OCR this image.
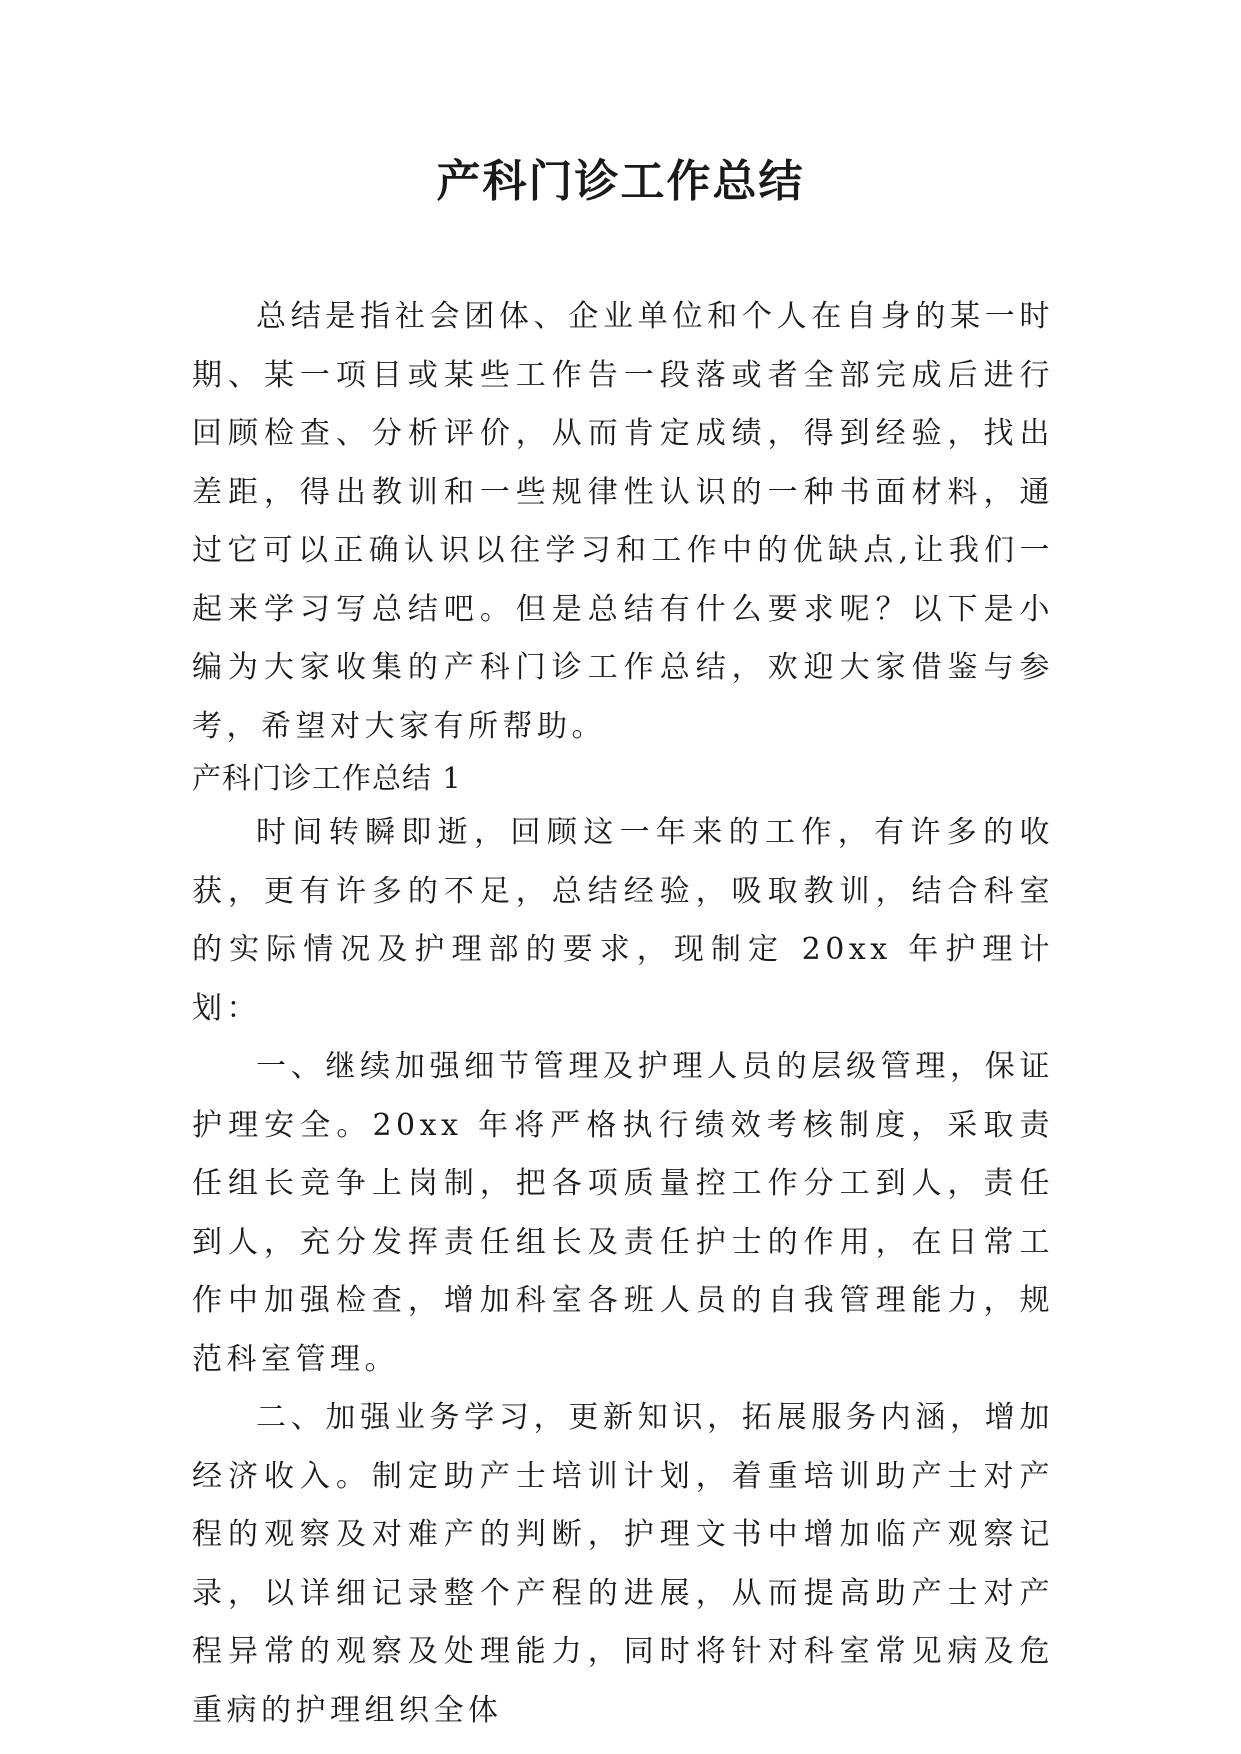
产科门诊工作总结

总结是指社会团体、企业单位和个人在自身的某一时期、某一项目或某些工作告一段落或者全部完成后进行回顾检查、分析评价，从而肯定成绩，得到经验，找出差距，得出教训和一些规律性认识的一种书面材料，通过它可以正确认识以往学习和工作中的优缺点,让我们一起来学习写总结吧。但是总结有什么要求呢？以下是小编为大家收集的产科门诊工作总结，欢迎大家借鉴与参考，希望对大家有所帮助。

产科门诊工作总结 1

时间转瞬即逝，回顾这一年来的工作，有许多的收获，更有许多的不足，总结经验，吸取教训，结合科室的实际情况及护理部的要求，现制定 20xx 年护理计划：

一、继续加强细节管理及护理人员的层级管理，保证护理安全。20xx 年将严格执行绩效考核制度，采取责任组长竞争上岗制，把各项质量控工作分工到人，责任到人，充分发挥责任组长及责任护士的作用，在日常工作中加强检查，增加科室各班人员的自我管理能力，规范科室管理。

二、加强业务学习，更新知识，拓展服务内涵，增加经济收入。制定助产士培训计划，着重培训助产士对产程的观察及对难产的判断，护理文书中增加临产观察记录，以详细记录整个产程的进展，从而提高助产士对产程异常的观察及处理能力，同时将针对科室常见病及危重病的护理组织全体
